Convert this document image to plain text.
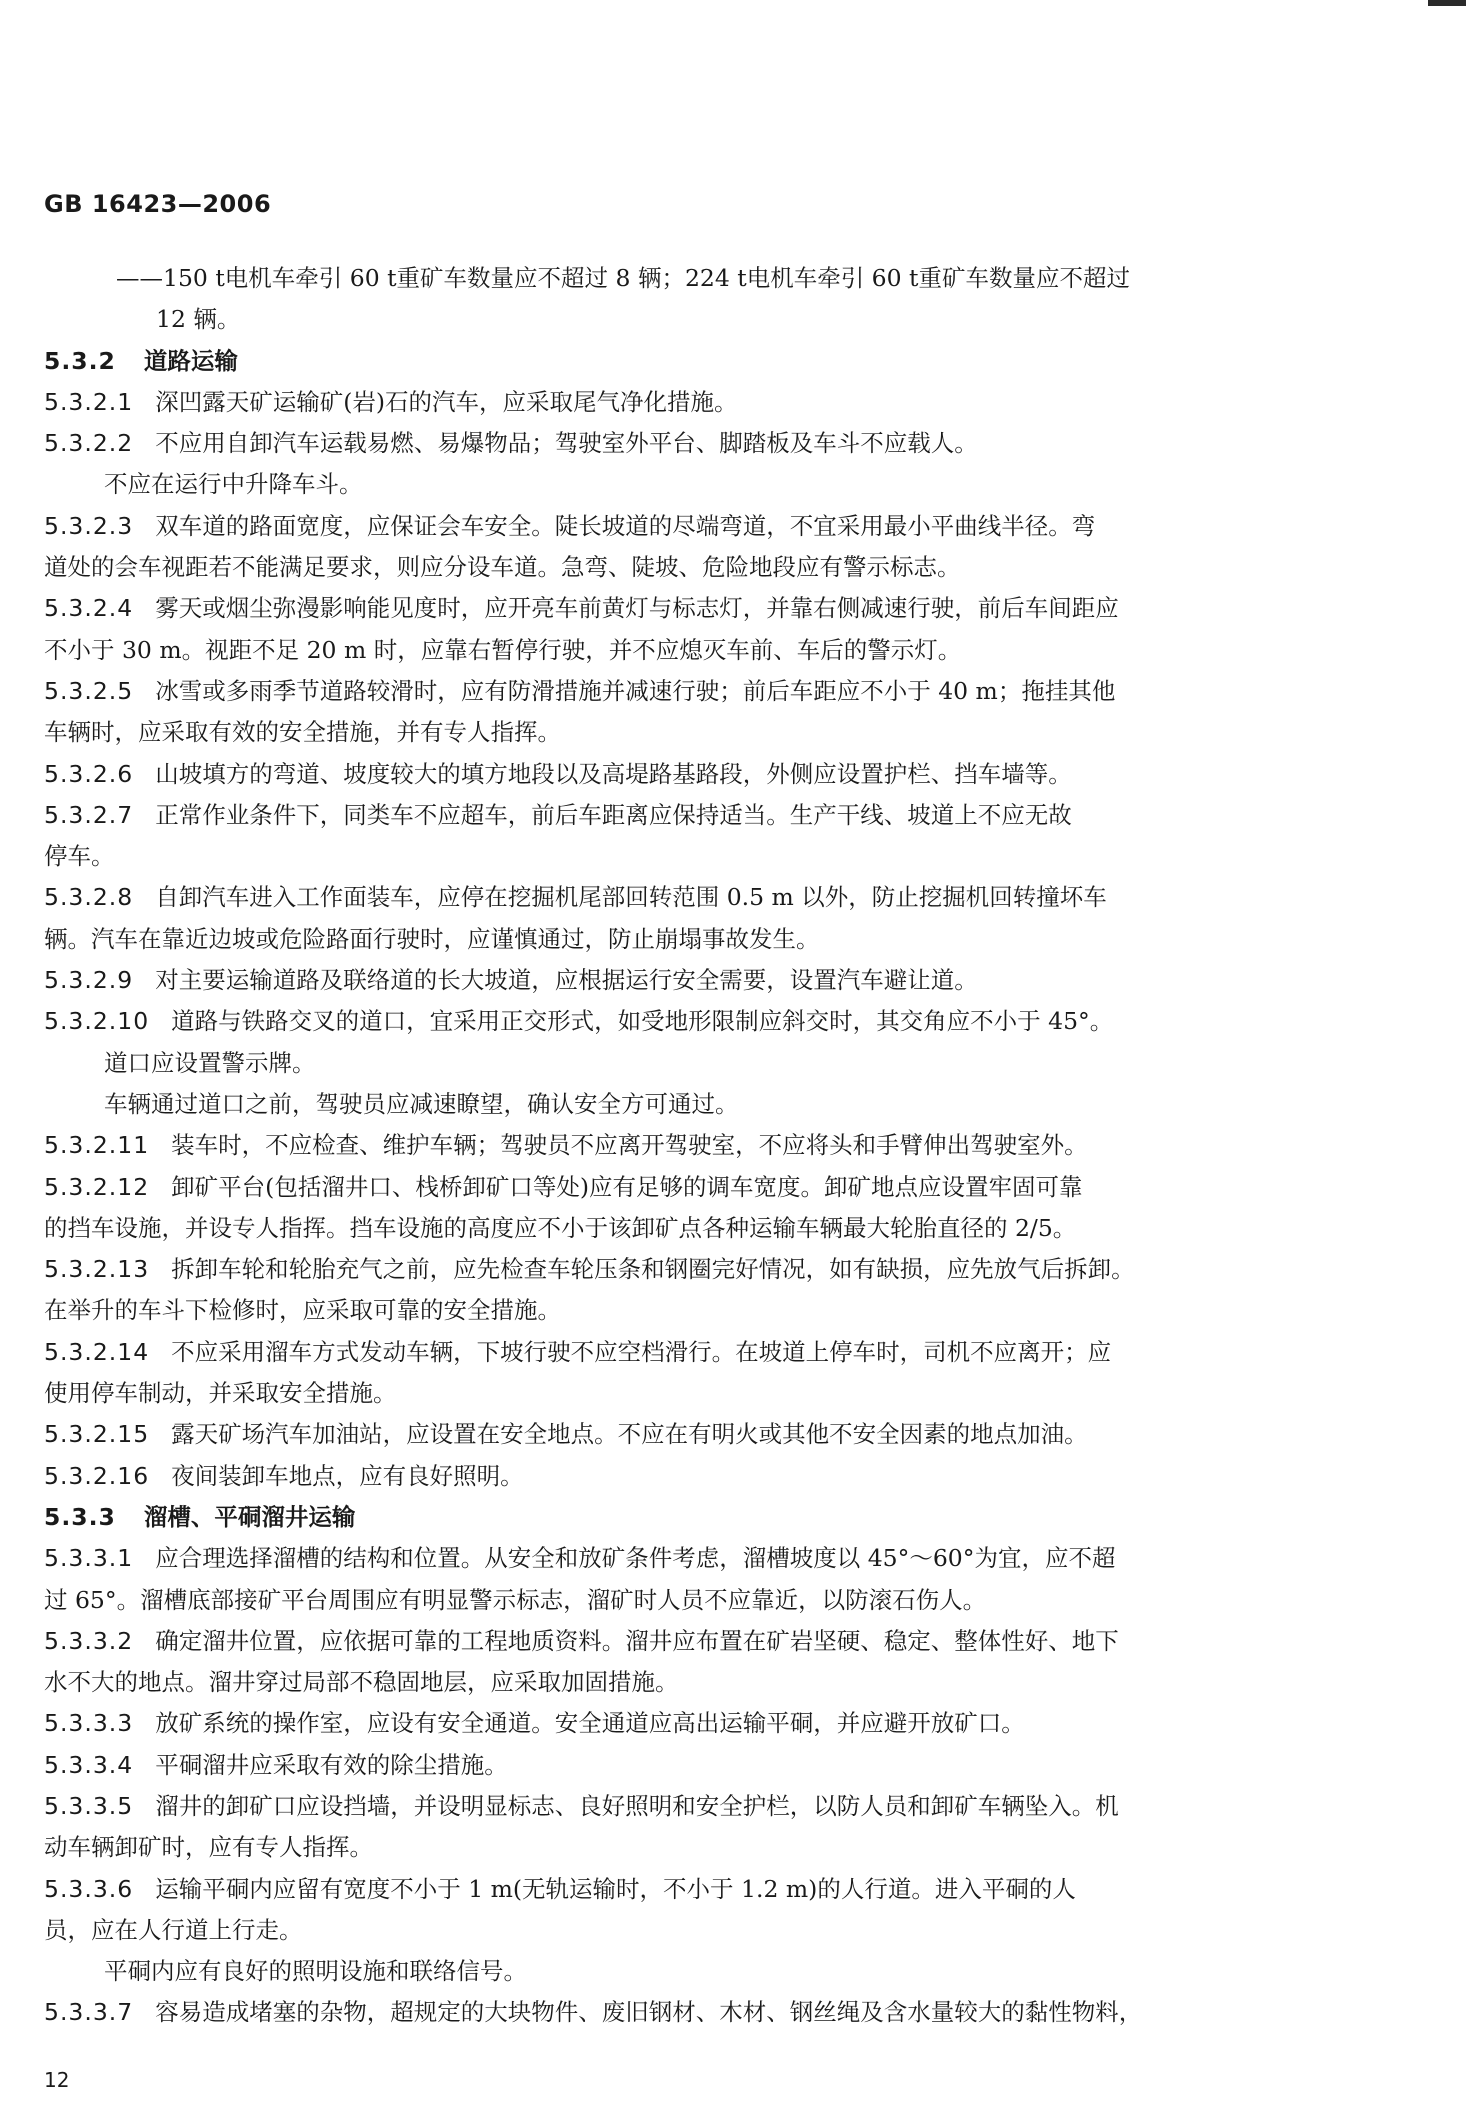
GB 16423—2006
——150 t电机车牵引 60 t重矿车数量应不超过 8 辆；224 t电机车牵引 60 t重矿车数量应不超过
12 辆。
5.3.2 道路运输
5.3.2.1 深凹露天矿运输矿(岩)石的汽车，应采取尾气净化措施。
5.3.2.2 不应用自卸汽车运载易燃、易爆物品；驾驶室外平台、脚踏板及车斗不应载人。
不应在运行中升降车斗。
5.3.2.3 双车道的路面宽度，应保证会车安全。陡长坡道的尽端弯道，不宜采用最小平曲线半径。弯
道处的会车视距若不能满足要求，则应分设车道。急弯、陡坡、危险地段应有警示标志。
5.3.2.4 雾天或烟尘弥漫影响能见度时，应开亮车前黄灯与标志灯，并靠右侧减速行驶，前后车间距应
不小于 30 m。视距不足 20 m 时，应靠右暂停行驶，并不应熄灭车前、车后的警示灯。
5.3.2.5 冰雪或多雨季节道路较滑时，应有防滑措施并减速行驶；前后车距应不小于 40 m；拖挂其他
车辆时，应采取有效的安全措施，并有专人指挥。
5.3.2.6 山坡填方的弯道、坡度较大的填方地段以及高堤路基路段，外侧应设置护栏、挡车墙等。
5.3.2.7 正常作业条件下，同类车不应超车，前后车距离应保持适当。生产干线、坡道上不应无故
停车。
5.3.2.8 自卸汽车进入工作面装车，应停在挖掘机尾部回转范围 0.5 m 以外，防止挖掘机回转撞坏车
辆。汽车在靠近边坡或危险路面行驶时，应谨慎通过，防止崩塌事故发生。
5.3.2.9 对主要运输道路及联络道的长大坡道，应根据运行安全需要，设置汽车避让道。
5.3.2.10 道路与铁路交叉的道口，宜采用正交形式，如受地形限制应斜交时，其交角应不小于 45°。
道口应设置警示牌。
车辆通过道口之前，驾驶员应减速瞭望，确认安全方可通过。
5.3.2.11 装车时，不应检查、维护车辆；驾驶员不应离开驾驶室，不应将头和手臂伸出驾驶室外。
5.3.2.12 卸矿平台(包括溜井口、栈桥卸矿口等处)应有足够的调车宽度。卸矿地点应设置牢固可靠
的挡车设施，并设专人指挥。挡车设施的高度应不小于该卸矿点各种运输车辆最大轮胎直径的 2/5。
5.3.2.13 拆卸车轮和轮胎充气之前，应先检查车轮压条和钢圈完好情况，如有缺损，应先放气后拆卸。
在举升的车斗下检修时，应采取可靠的安全措施。
5.3.2.14 不应采用溜车方式发动车辆，下坡行驶不应空档滑行。在坡道上停车时，司机不应离开；应
使用停车制动，并采取安全措施。
5.3.2.15 露天矿场汽车加油站，应设置在安全地点。不应在有明火或其他不安全因素的地点加油。
5.3.2.16 夜间装卸车地点，应有良好照明。
5.3.3 溜槽、平硐溜井运输
5.3.3.1 应合理选择溜槽的结构和位置。从安全和放矿条件考虑，溜槽坡度以 45°～60°为宜，应不超
过 65°。溜槽底部接矿平台周围应有明显警示标志，溜矿时人员不应靠近，以防滚石伤人。
5.3.3.2 确定溜井位置，应依据可靠的工程地质资料。溜井应布置在矿岩坚硬、稳定、整体性好、地下
水不大的地点。溜井穿过局部不稳固地层，应采取加固措施。
5.3.3.3 放矿系统的操作室，应设有安全通道。安全通道应高出运输平硐，并应避开放矿口。
5.3.3.4 平硐溜井应采取有效的除尘措施。
5.3.3.5 溜井的卸矿口应设挡墙，并设明显标志、良好照明和安全护栏，以防人员和卸矿车辆坠入。机
动车辆卸矿时，应有专人指挥。
5.3.3.6 运输平硐内应留有宽度不小于 1 m(无轨运输时，不小于 1.2 m)的人行道。进入平硐的人
员，应在人行道上行走。
平硐内应有良好的照明设施和联络信号。
5.3.3.7 容易造成堵塞的杂物，超规定的大块物件、废旧钢材、木材、钢丝绳及含水量较大的黏性物料，
12
